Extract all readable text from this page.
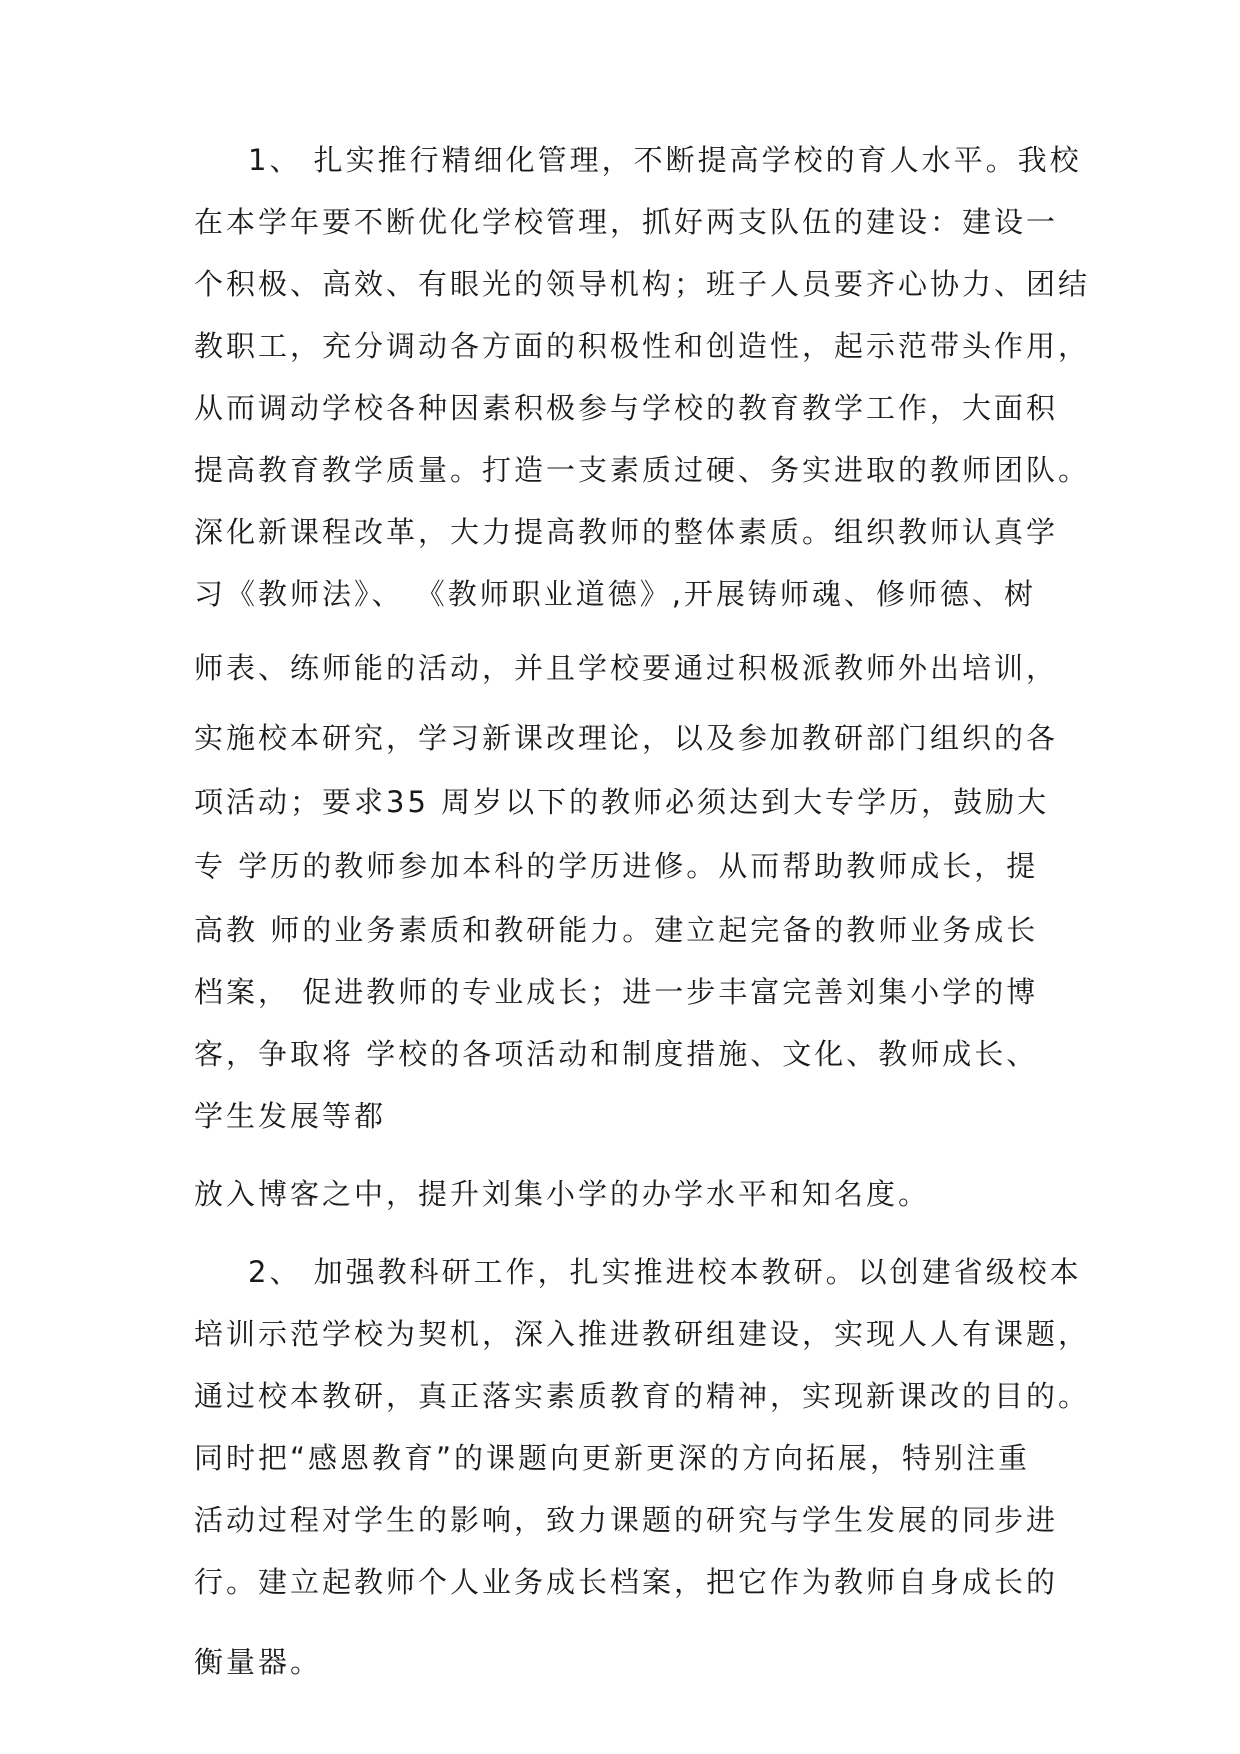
1、 扎实推行精细化管理，不断提高学校的育人水平。我校
在本学年要不断优化学校管理，抓好两支队伍的建设：建设一
个积极、高效、有眼光的领导机构；班子人员要齐心协力、团结
教职工，充分调动各方面的积极性和创造性，起示范带头作用，
从而调动学校各种因素积极参与学校的教育教学工作，大面积
提高教育教学质量。打造一支素质过硬、务实进取的教师团队。
深化新课程改革，大力提高教师的整体素质。组织教师认真学
习《教师法》、 《教师职业道德》,开展铸师魂、修师德、树
师表、练师能的活动，并且学校要通过积极派教师外出培训，
实施校本研究，学习新课改理论，以及参加教研部门组织的各
项活动；要求35 周岁以下的教师必须达到大专学历，鼓励大
专 学历的教师参加本科的学历进修。从而帮助教师成长，提
高教 师的业务素质和教研能力。建立起完备的教师业务成长
档案， 促进教师的专业成长；进一步丰富完善刘集小学的博
客，争取将 学校的各项活动和制度措施、文化、教师成长、
学生发展等都
放入博客之中，提升刘集小学的办学水平和知名度。
2、 加强教科研工作，扎实推进校本教研。以创建省级校本
培训示范学校为契机，深入推进教研组建设，实现人人有课题，
通过校本教研，真正落实素质教育的精神，实现新课改的目的。
同时把“感恩教育”的课题向更新更深的方向拓展，特别注重
活动过程对学生的影响，致力课题的研究与学生发展的同步进
行。建立起教师个人业务成长档案，把它作为教师自身成长的
衡量器。
